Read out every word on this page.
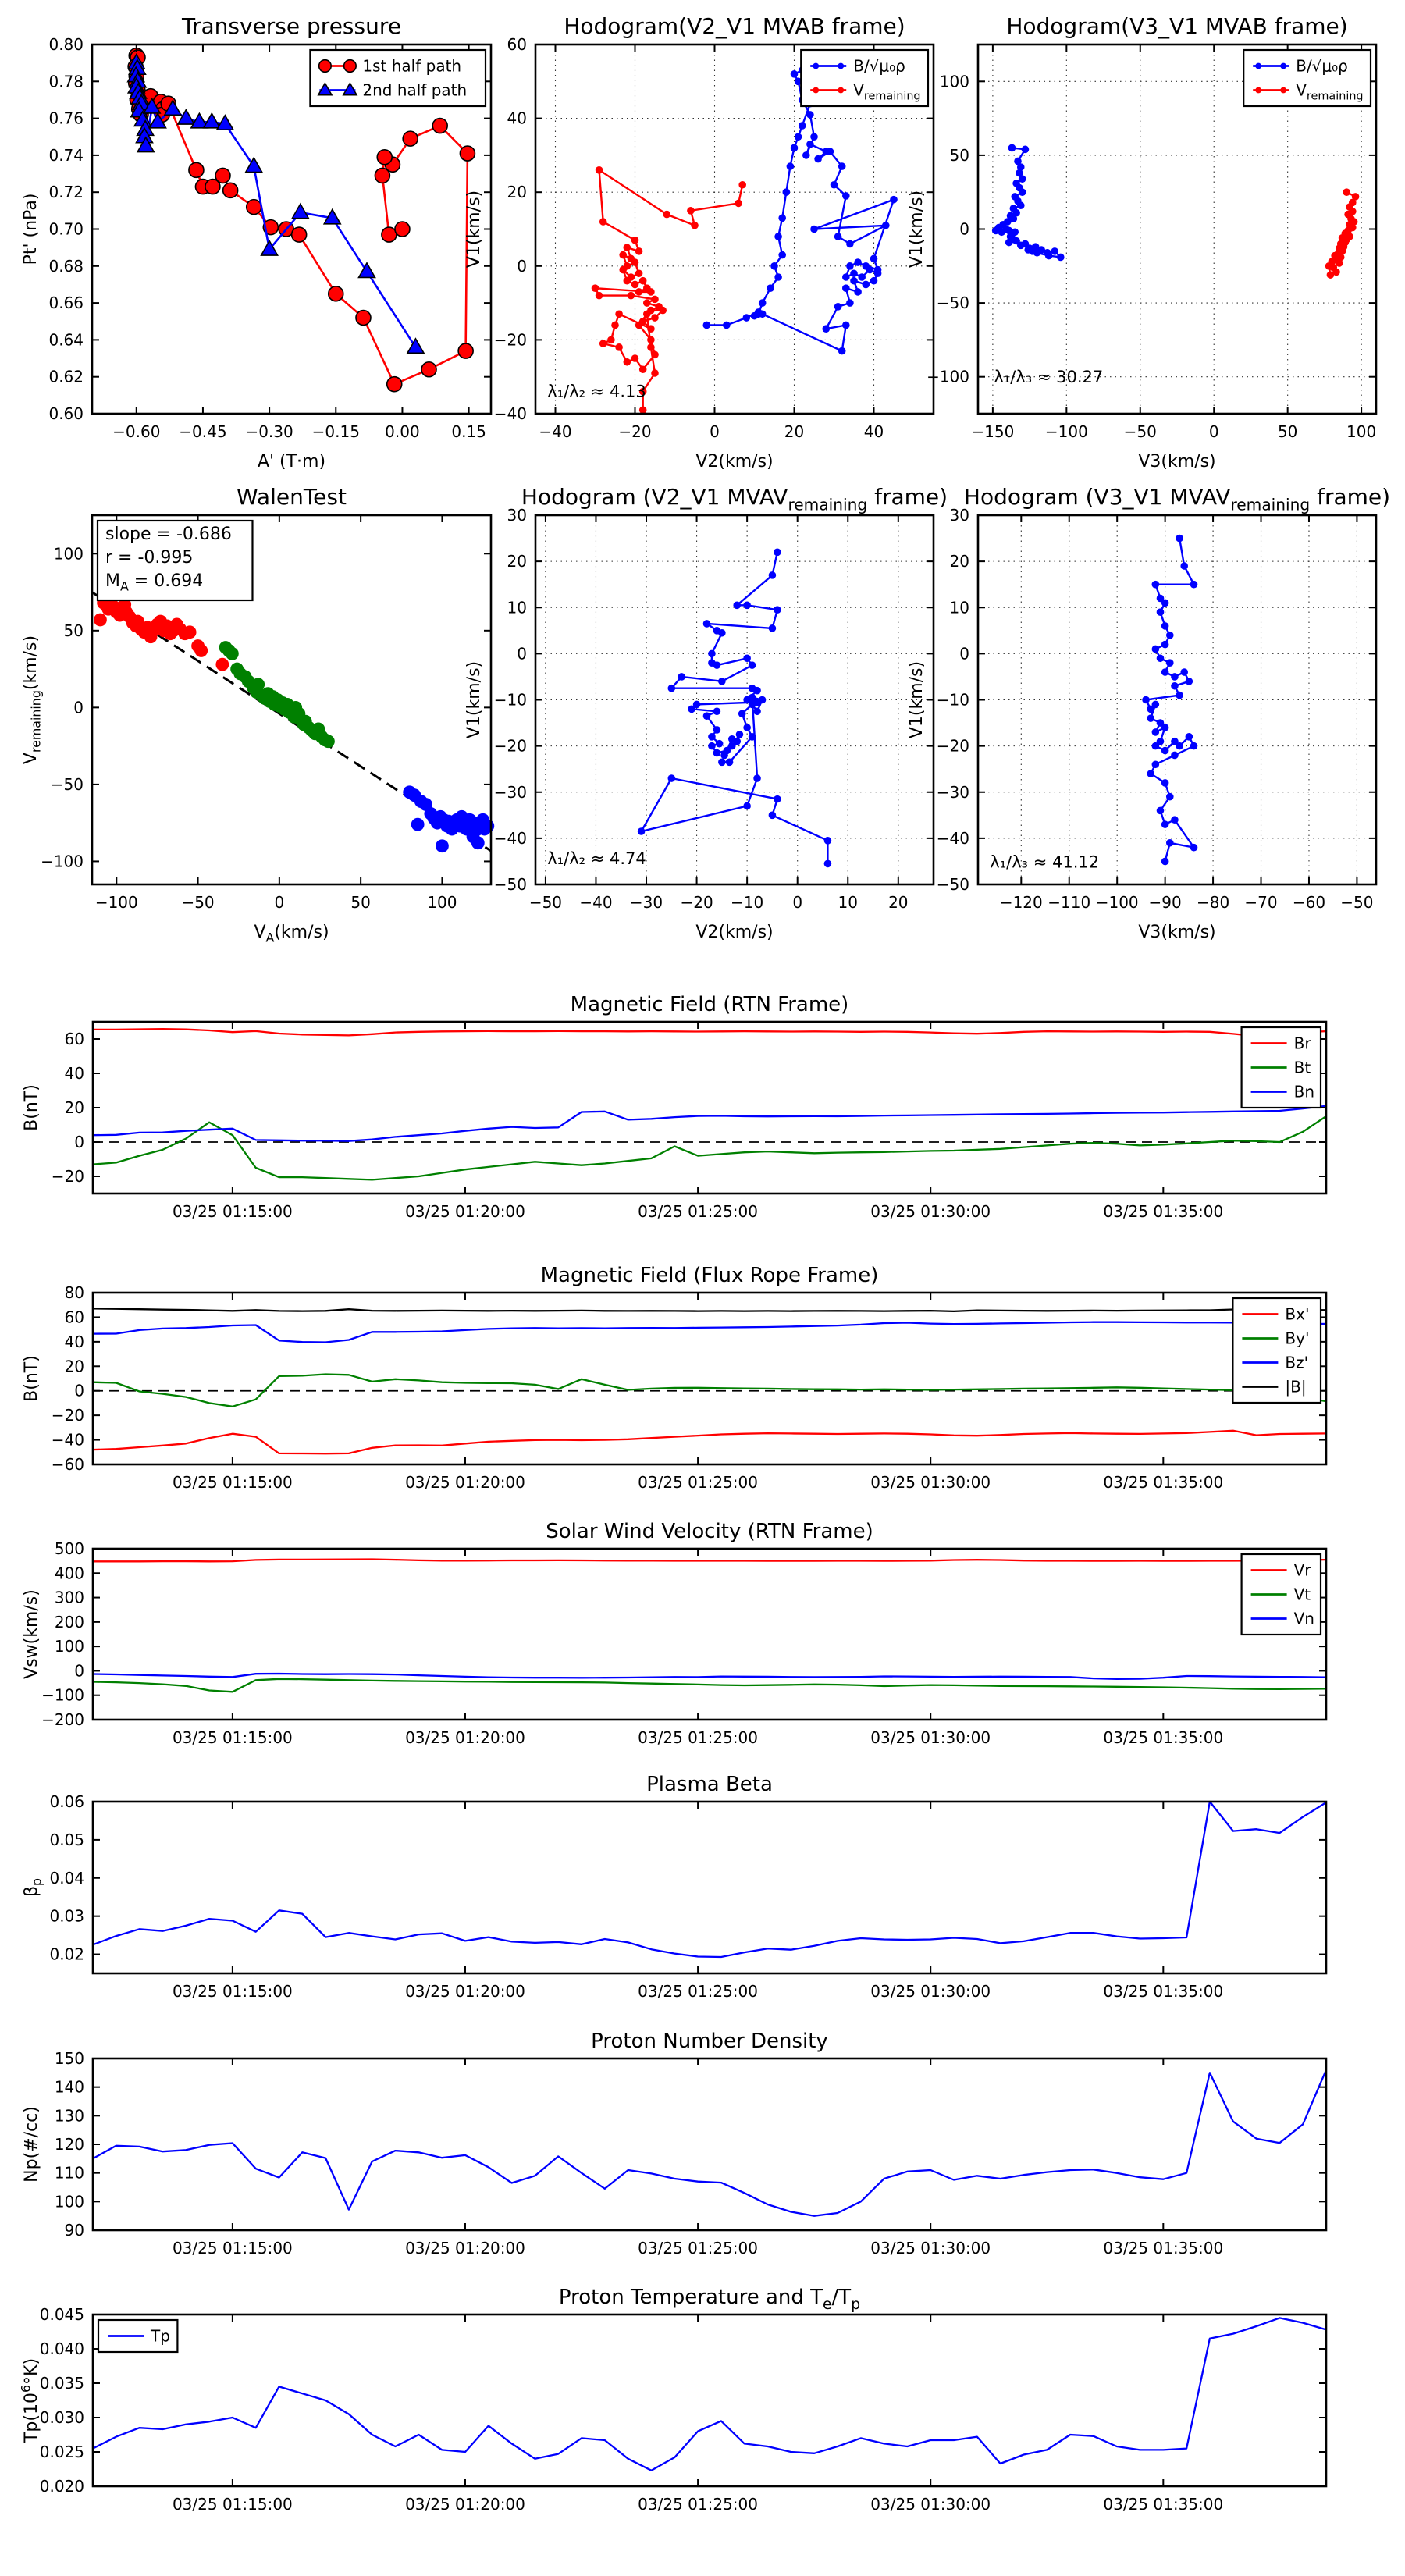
−0.60 −0.45 −0.30 −0.15 0.00 0.15
0.60
0.62
0.64
0.66
0.68
0.70
0.72
0.74
0.76
0.78
0.80
Transverse pressure
A' (T·m)
Pt' (nPa)
1st half path
2nd half path
−40	−20	0	20	40
−40
−20
0
20
40
60
Hodogram(V2_V1 MVAB frame)
V2(km/s)
V1(km/s)
λ₁/λ₂ ≈ 4.13
B/√μ₀ρ
$V_{remaining}$
−150 −100 −50	0	50	100
−100
−50
0
50
100
Hodogram(V3_V1 MVAB frame)
V3(km/s)
V1(km/s)
λ₁/λ₃ ≈ 30.27
B/√μ₀ρ
$V_{remaining}$
−100	−50	0	50	100
−100
−50
0
50
100
WalenTest
$V_A(km/s)$
$V_{remaining}(km/s)$
slope = -0.686
r = -0.995
$M_A = 0.694$
−50 −40 −30 −20 −10 0 10 20
−50
−40
−30
−20
−10
0
10
20
30
Hodogram (V2_V1 $MVAV_{remaining}$ frame)
V2(km/s)
V1(km/s)
λ₁/λ₂ ≈ 4.74
−120 −110 −100 −90 −80 −70 −60 −50
−50
−40
−30
−20
−10
0
10
20
30
Hodogram (V3_V1 $MVAV_{remaining}$ frame)
V3(km/s)
V1(km/s)
λ₁/λ₃ ≈ 41.12
03/25 01:15:00	03/25 01:20:00	03/25 01:25:00	03/25 01:30:00	03/25 01:35:00
−20
0
20
40
60
Magnetic Field (RTN Frame)
B(nT)
Br
Bt
Bn
03/25 01:15:00	03/25 01:20:00	03/25 01:25:00	03/25 01:30:00	03/25 01:35:00
−60
−40
−20
0
20
40
60
80
Magnetic Field (Flux Rope Frame)
B(nT)
Bx'
By'
Bz'
|B|
03/25 01:15:00	03/25 01:20:00	03/25 01:25:00	03/25 01:30:00	03/25 01:35:00
−200
−100
0
100
200
300
400
500
Solar Wind Velocity (RTN Frame)
Vsw(km/s)
Vr
Vt
Vn
03/25 01:15:00	03/25 01:20:00	03/25 01:25:00	03/25 01:30:00	03/25 01:35:00
0.02
0.03
0.04
0.05
0.06
Plasma Beta
$\beta_p$
03/25 01:15:00	03/25 01:20:00	03/25 01:25:00	03/25 01:30:00	03/25 01:35:00
90
100
110
120
130
140
150
Proton Number Density
Np(#/cc)
03/25 01:15:00	03/25 01:20:00	03/25 01:25:00	03/25 01:30:00	03/25 01:35:00
0.020
0.025
0.030
0.035
0.040
0.045
Proton Temperature and $T_e/T_p$
$Tp(10^6^\circ K)$
Tp
